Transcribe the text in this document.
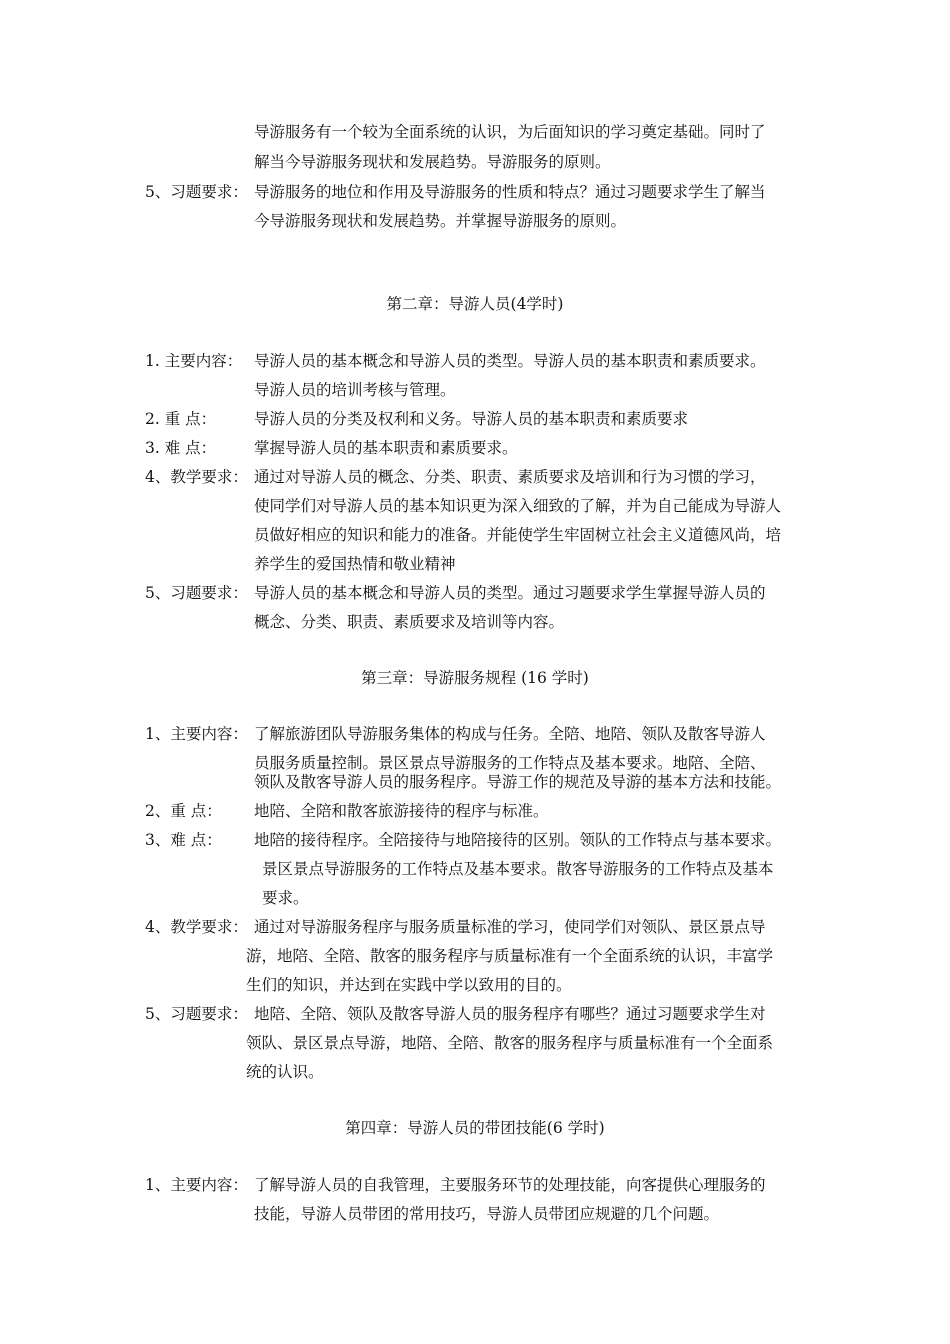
导游服务有一个较为全面系统的认识，为后面知识的学习奠定基础。同时了
解当今导游服务现状和发展趋势。导游服务的原则。
5、习题要求： 导游服务的地位和作用及导游服务的性质和特点？通过习题要求学生了解当
今导游服务现状和发展趋势。并掌握导游服务的原则。
第二章：导游人员(4学时)
1. 主要内容： 导游人员的基本概念和导游人员的类型。导游人员的基本职责和素质要求。
导游人员的培训考核与管理。
2. 重 点： 导游人员的分类及权利和义务。导游人员的基本职责和素质要求
3. 难 点： 掌握导游人员的基本职责和素质要求。
4、教学要求： 通过对导游人员的概念、分类、职责、素质要求及培训和行为习惯的学习，
使同学们对导游人员的基本知识更为深入细致的了解，并为自己能成为导游人
员做好相应的知识和能力的准备。并能使学生牢固树立社会主义道德风尚，培
养学生的爱国热情和敬业精神
5、习题要求： 导游人员的基本概念和导游人员的类型。通过习题要求学生掌握导游人员的
概念、分类、职责、素质要求及培训等内容。
第三章：导游服务规程 (16 学时)
1、主要内容： 了解旅游团队导游服务集体的构成与任务。全陪、地陪、领队及散客导游人
员服务质量控制。景区景点导游服务的工作特点及基本要求。地陪、全陪、
领队及散客导游人员的服务程序。导游工作的规范及导游的基本方法和技能。
2、重 点： 地陪、全陪和散客旅游接待的程序与标准。
3、难 点： 地陪的接待程序。全陪接待与地陪接待的区别。领队的工作特点与基本要求。
景区景点导游服务的工作特点及基本要求。散客导游服务的工作特点及基本
要求。
4、教学要求： 通过对导游服务程序与服务质量标准的学习，使同学们对领队、景区景点导
游，地陪、全陪、散客的服务程序与质量标准有一个全面系统的认识，丰富学
生们的知识，并达到在实践中学以致用的目的。
5、习题要求： 地陪、全陪、领队及散客导游人员的服务程序有哪些？通过习题要求学生对
领队、景区景点导游，地陪、全陪、散客的服务程序与质量标准有一个全面系
统的认识。
第四章：导游人员的带团技能(6 学时)
1、主要内容： 了解导游人员的自我管理，主要服务环节的处理技能，向客提供心理服务的
技能，导游人员带团的常用技巧，导游人员带团应规避的几个问题。
